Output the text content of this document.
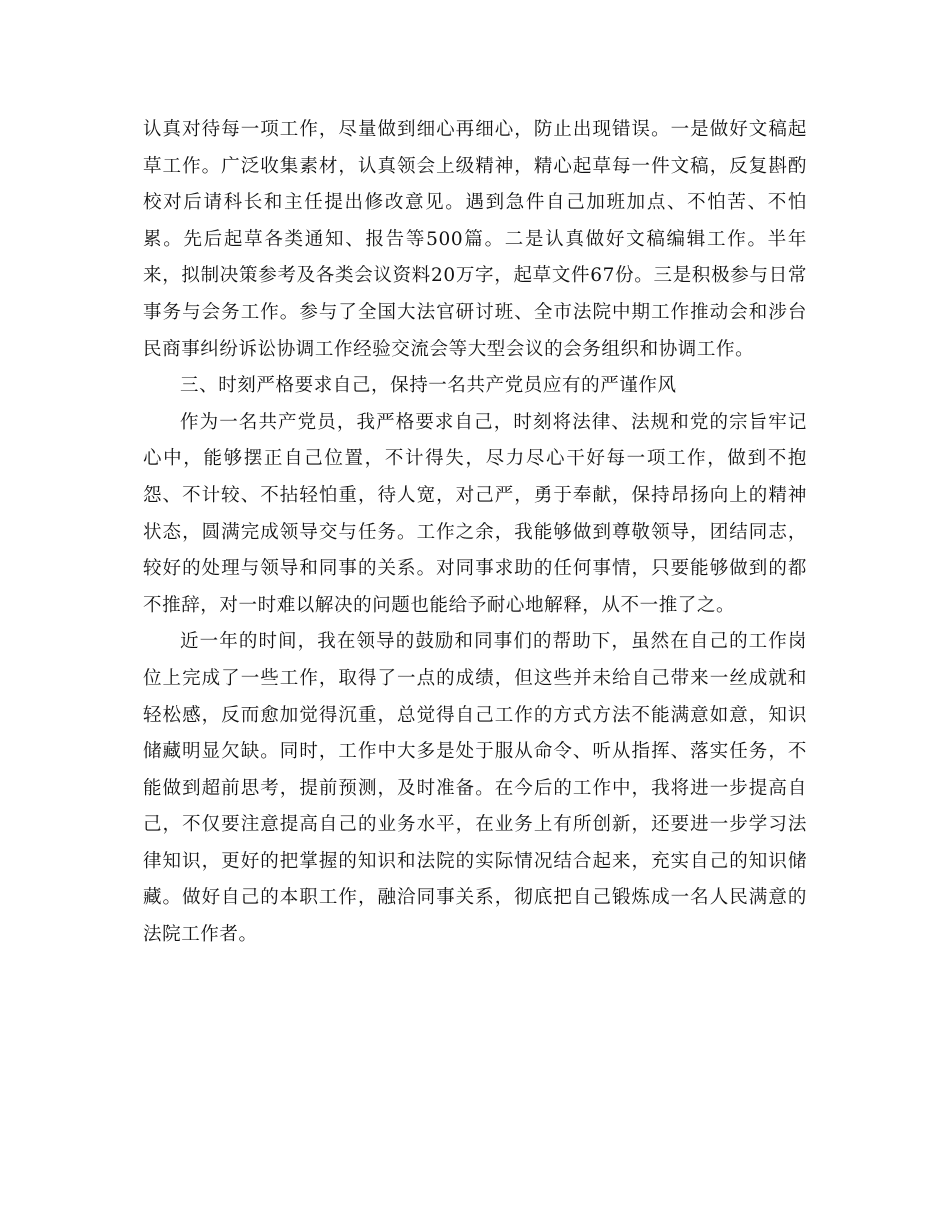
认真对待每一项工作，尽量做到细心再细心，防止出现错误。一是做好文稿起草工作。广泛收集素材，认真领会上级精神，精心起草每一件文稿，反复斟酌校对后请科长和主任提出修改意见。遇到急件自己加班加点、不怕苦、不怕累。先后起草各类通知、报告等500篇。二是认真做好文稿编辑工作。半年来，拟制决策参考及各类会议资料20万字，起草文件67份。三是积极参与日常事务与会务工作。参与了全国大法官研讨班、全市法院中期工作推动会和涉台民商事纠纷诉讼协调工作经验交流会等大型会议的会务组织和协调工作。

三、时刻严格要求自己，保持一名共产党员应有的严谨作风

作为一名共产党员，我严格要求自己，时刻将法律、法规和党的宗旨牢记心中，能够摆正自己位置，不计得失，尽力尽心干好每一项工作，做到不抱怨、不计较、不拈轻怕重，待人宽，对己严，勇于奉献，保持昂扬向上的精神状态，圆满完成领导交与任务。工作之余，我能够做到尊敬领导，团结同志，较好的处理与领导和同事的关系。对同事求助的任何事情，只要能够做到的都不推辞，对一时难以解决的问题也能给予耐心地解释，从不一推了之。

近一年的时间，我在领导的鼓励和同事们的帮助下，虽然在自己的工作岗位上完成了一些工作，取得了一点的成绩，但这些并未给自己带来一丝成就和轻松感，反而愈加觉得沉重，总觉得自己工作的方式方法不能满意如意，知识储藏明显欠缺。同时，工作中大多是处于服从命令、听从指挥、落实任务，不能做到超前思考，提前预测，及时准备。在今后的工作中，我将进一步提高自己，不仅要注意提高自己的业务水平，在业务上有所创新，还要进一步学习法律知识，更好的把掌握的知识和法院的实际情况结合起来，充实自己的知识储藏。做好自己的本职工作，融洽同事关系，彻底把自己锻炼成一名人民满意的法院工作者。
